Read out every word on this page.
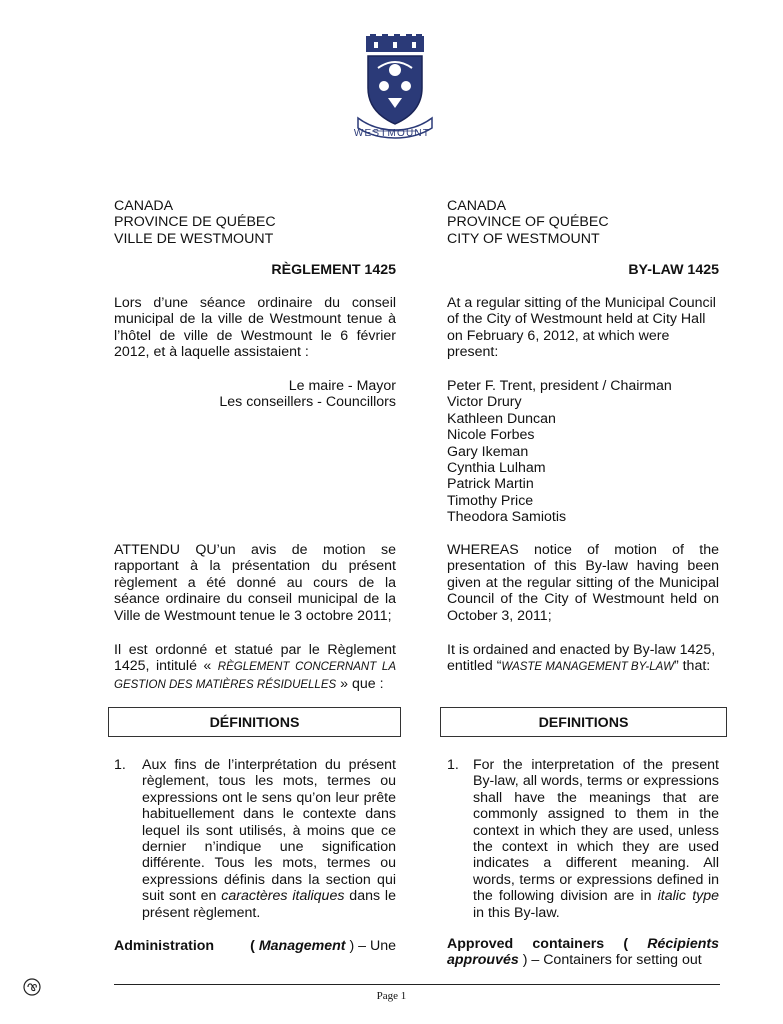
WESTMOUNT
CANADA
PROVINCE DE QUÉBEC
VILLE DE WESTMOUNT
RÈGLEMENT 1425
Lors d’une séance ordinaire du conseil municipal de la ville de Westmount tenue à l’hôtel de ville de Westmount le 6 février 2012, et à laquelle assistaient :
Le maire - Mayor
Les conseillers - Councillors
ATTENDU QU’un avis de motion se rapportant à la présentation du présent règlement a été donné au cours de la séance ordinaire du conseil municipal de la Ville de Westmount tenue le 3 octobre 2011;
Il est ordonné et statué par le Règlement 1425, intitulé « RÈGLEMENT CONCERNANT LA GESTION DES MATIÈRES RÉSIDUELLES » que :
DÉFINITIONS
1.	Aux fins de l’interprétation du présent règlement, tous les mots, termes ou expressions ont le sens qu’on leur prête habituellement dans le contexte dans lequel ils sont utilisés, à moins que ce dernier n’indique une signification différente. Tous les mots, termes ou expressions définis dans la section qui suit sont en caractères italiques dans le présent règlement.
Administration ( Management ) – Une
CANADA
PROVINCE OF QUÉBEC
CITY OF WESTMOUNT
BY-LAW 1425
At a regular sitting of the Municipal Council of the City of Westmount held at City Hall on February 6, 2012, at which were present:
Peter F. Trent, president / Chairman
Victor Drury
Kathleen Duncan
Nicole Forbes
Gary Ikeman
Cynthia Lulham
Patrick Martin
Timothy Price
Theodora Samiotis
WHEREAS notice of motion of the presentation of this By-law having been given at the regular sitting of the Municipal Council of the City of Westmount held on October 3, 2011;
It is ordained and enacted by By-law 1425, entitled “WASTE MANAGEMENT BY-LAW” that:
DEFINITIONS
1. For the interpretation of the present By-law, all words, terms or expressions shall have the meanings that are commonly assigned to them in the context in which they are used, unless the context in which they are used indicates a different meaning. All words, terms or expressions defined in the following division are in italic type in this By-law.
Approved containers ( Récipients approuvés ) – Containers for setting out
Page 1
